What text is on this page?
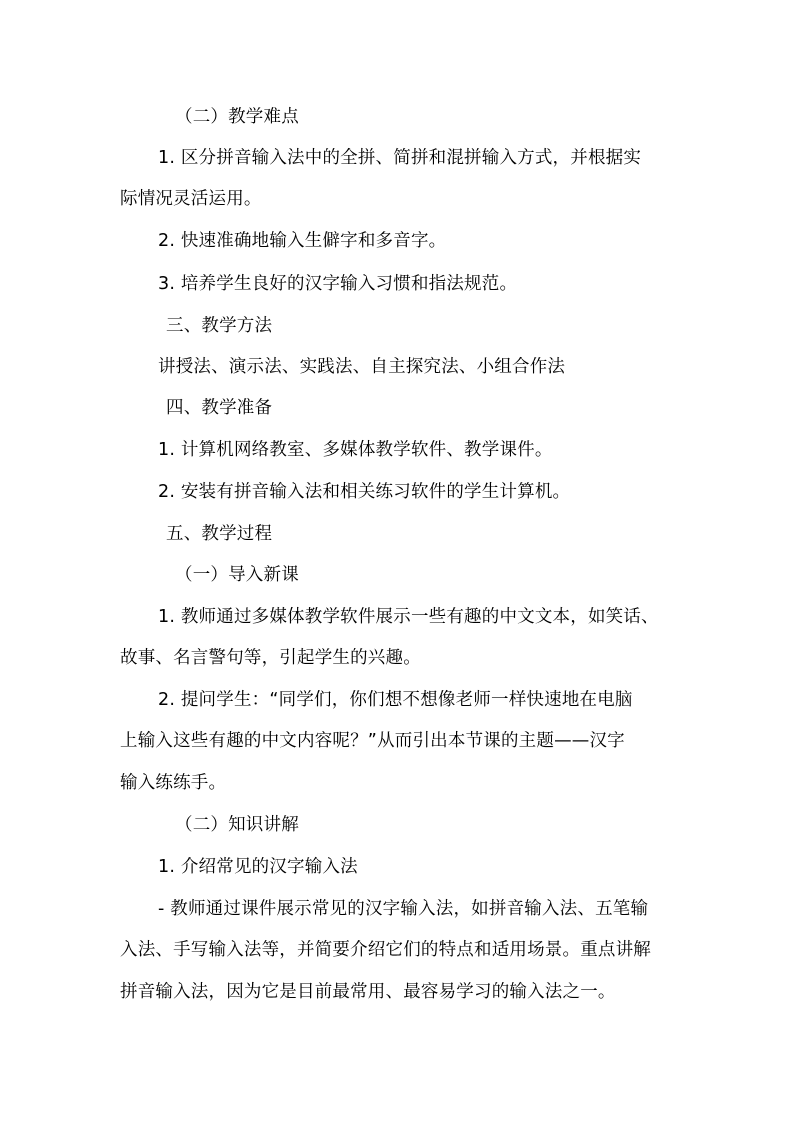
（二）教学难点
1. 区分拼音输入法中的全拼、简拼和混拼输入方式，并根据实
际情况灵活运用。
2. 快速准确地输入生僻字和多音字。
3. 培养学生良好的汉字输入习惯和指法规范。
三、教学方法
讲授法、演示法、实践法、自主探究法、小组合作法
四、教学准备
1. 计算机网络教室、多媒体教学软件、教学课件。
2. 安装有拼音输入法和相关练习软件的学生计算机。
五、教学过程
（一）导入新课
1. 教师通过多媒体教学软件展示一些有趣的中文文本，如笑话、
故事、名言警句等，引起学生的兴趣。
2. 提问学生：“同学们，你们想不想像老师一样快速地在电脑
上输入这些有趣的中文内容呢？”从而引出本节课的主题——汉字
输入练练手。
（二）知识讲解
1. 介绍常见的汉字输入法
- 教师通过课件展示常见的汉字输入法，如拼音输入法、五笔输
入法、手写输入法等，并简要介绍它们的特点和适用场景。重点讲解
拼音输入法，因为它是目前最常用、最容易学习的输入法之一。
